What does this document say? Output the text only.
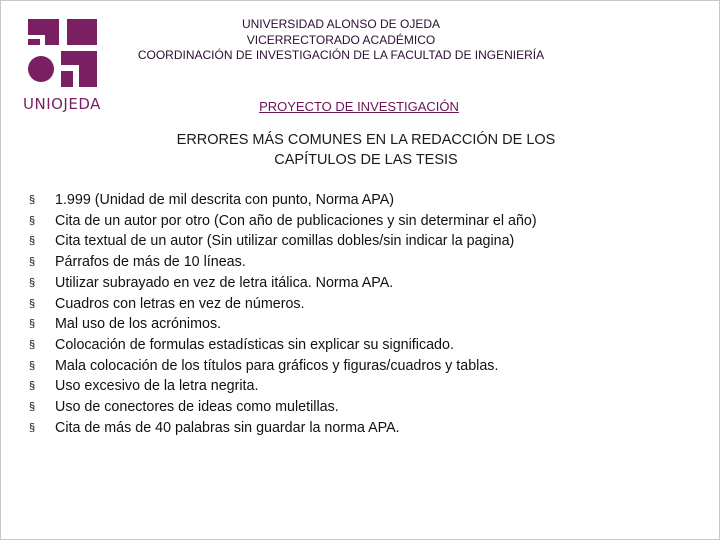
UNIOJEDA
UNIVERSIDAD ALONSO DE OJEDA
VICERRECTORADO ACADÉMICO
COORDINACIÓN DE INVESTIGACIÓN DE LA FACULTAD DE INGENIERÍA
PROYECTO DE INVESTIGACIÓN
ERRORES MÁS COMUNES EN LA REDACCIÓN DE LOS
CAPÍTULOS DE LAS TESIS
§ 1.999 (Unidad de mil descrita con punto, Norma APA)
§ Cita de un autor por otro (Con año de publicaciones y sin determinar el año)
§ Cita textual de un autor (Sin utilizar comillas dobles/sin indicar la pagina)
§ Párrafos de más de 10 líneas.
§ Utilizar subrayado en vez de letra itálica. Norma APA.
§ Cuadros con letras en vez de números.
§ Mal uso de los acrónimos.
§ Colocación de formulas estadísticas sin explicar su significado.
§ Mala colocación de los títulos para gráficos y figuras/cuadros y tablas.
§ Uso excesivo de la letra negrita.
§ Uso de conectores de ideas como muletillas.
§ Cita de más de 40 palabras sin guardar la norma APA.
